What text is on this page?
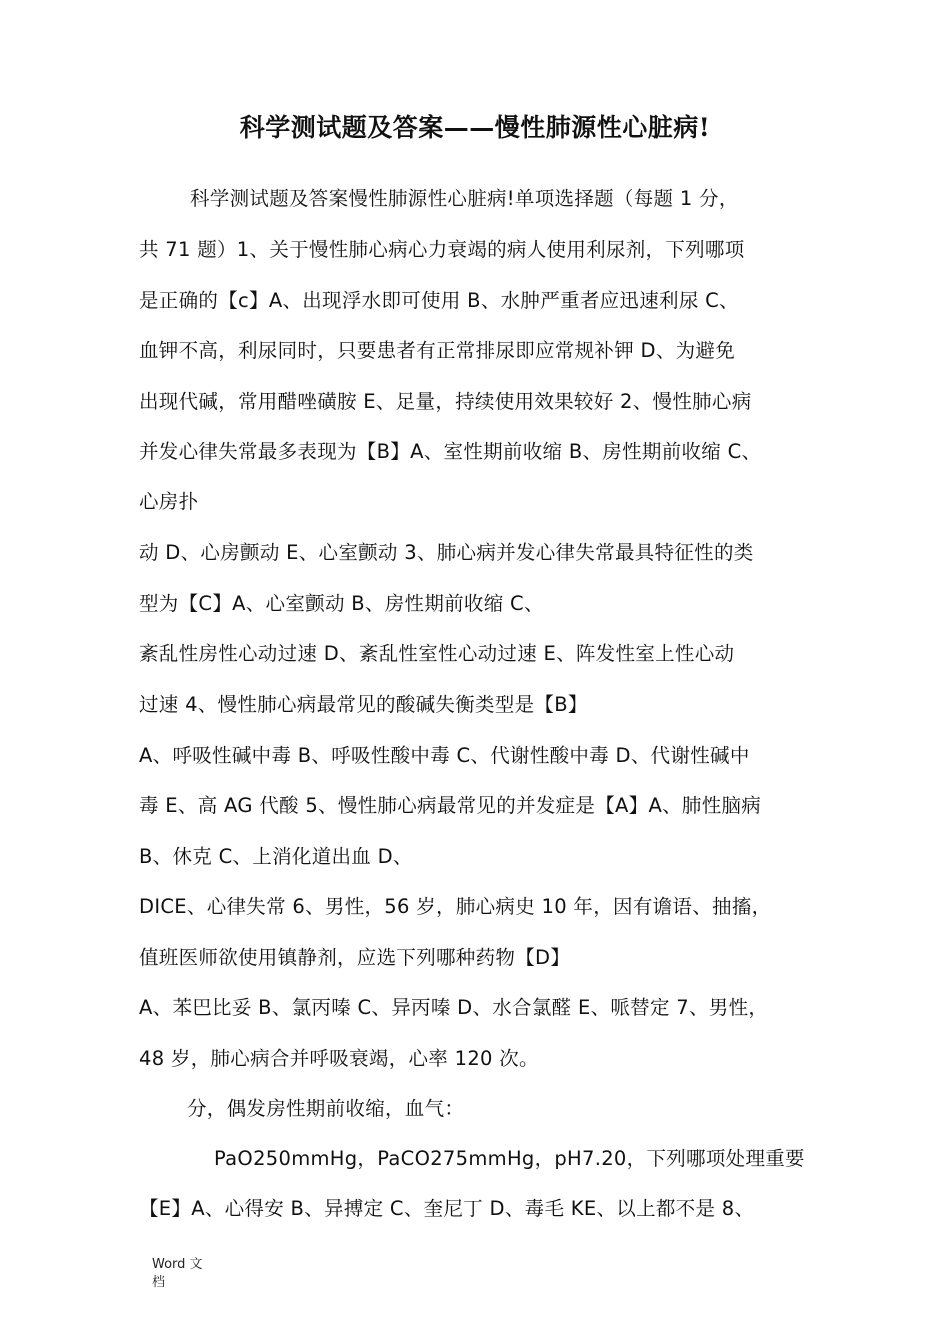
科学测试题及答案——慢性肺源性心脏病!
科学测试题及答案慢性肺源性心脏病!单项选择题（每题 1 分，
共 71 题）1、关于慢性肺心病心力衰竭的病人使用利尿剂，下列哪项
是正确的【c】A、出现浮水即可使用 B、水肿严重者应迅速利尿 C、
血钾不高，利尿同时，只要患者有正常排尿即应常规补钾 D、为避免
出现代碱，常用醋唑磺胺 E、足量，持续使用效果较好 2、慢性肺心病
并发心律失常最多表现为【B】A、室性期前收缩 B、房性期前收缩 C、
心房扑
动 D、心房颤动 E、心室颤动 3、肺心病并发心律失常最具特征性的类
型为【C】A、心室颤动 B、房性期前收缩 C、
紊乱性房性心动过速 D、紊乱性室性心动过速 E、阵发性室上性心动
过速 4、慢性肺心病最常见的酸碱失衡类型是【B】
A、呼吸性碱中毒 B、呼吸性酸中毒 C、代谢性酸中毒 D、代谢性碱中
毒 E、高 AG 代酸 5、慢性肺心病最常见的并发症是【A】A、肺性脑病
B、休克 C、上消化道出血 D、
DICE、心律失常 6、男性，56 岁，肺心病史 10 年，因有谵语、抽搐，
值班医师欲使用镇静剂，应选下列哪种药物【D】
A、苯巴比妥 B、氯丙嗪 C、异丙嗪 D、水合氯醛 E、哌替定 7、男性，
48 岁，肺心病合并呼吸衰竭，心率 120 次。
分，偶发房性期前收缩，血气：
PaO250mmHg，PaCO275mmHg，pH7.20，下列哪项处理重要
【E】A、心得安 B、异搏定 C、奎尼丁 D、毒毛 KE、以上都不是 8、
Word 文
档
